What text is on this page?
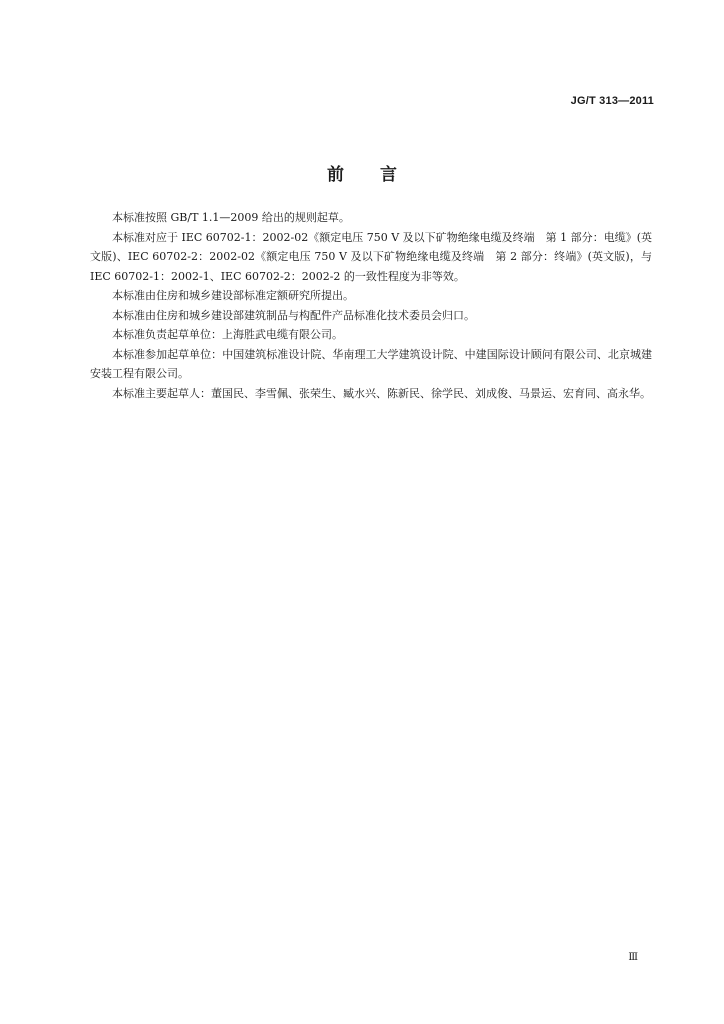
JG/T 313—2011
前言

本标准按照 GB/T 1.1—2009 给出的规则起草。

本标准对应于 IEC 60702-1：2002-02《额定电压 750 V 及以下矿物绝缘电缆及终端　第 1 部分：电缆》(英文版)、IEC 60702-2：2002-02《额定电压 750 V 及以下矿物绝缘电缆及终端　第 2 部分：终端》(英文版)，与 IEC 60702-1：2002-1、IEC 60702-2：2002-2 的一致性程度为非等效。

本标准由住房和城乡建设部标准定额研究所提出。

本标准由住房和城乡建设部建筑制品与构配件产品标准化技术委员会归口。

本标准负责起草单位：上海胜武电缆有限公司。

本标准参加起草单位：中国建筑标准设计院、华南理工大学建筑设计院、中建国际设计顾问有限公司、北京城建安装工程有限公司。

本标准主要起草人：董国民、李雪佩、张荣生、臧水兴、陈新民、徐学民、刘成俊、马景运、宏育同、高永华。

Ⅲ
